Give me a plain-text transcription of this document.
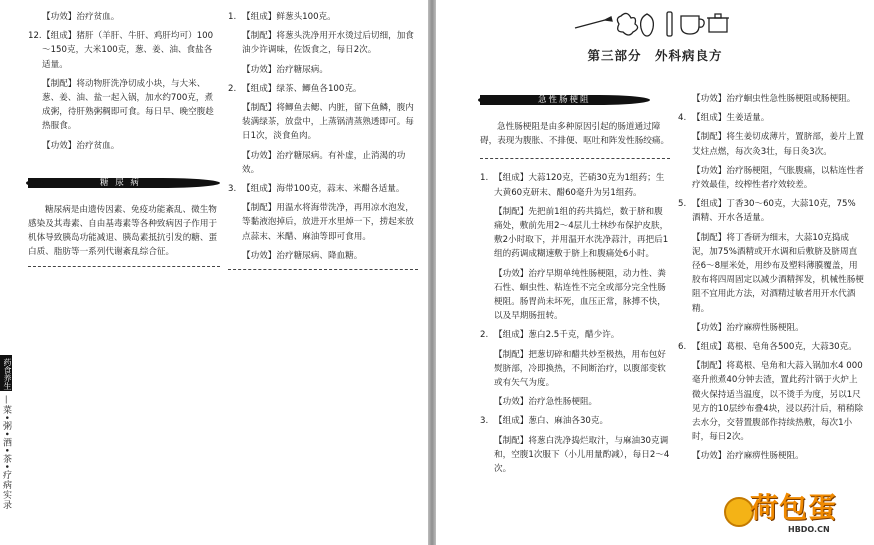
【功效】治疗贫血。

12. 【组成】猪肝（羊肝、牛肝、鸡肝均可）100～150克，大米100克，葱、姜、油、食盐各适量。

【制配】将动物肝洗净切成小块，与大米、葱、姜、油、盐一起入锅，加水约700克，煮成粥，待肝熟粥稠即可食。每日早、晚空腹趁热服食。

【功效】治疗贫血。

糖 尿 病

糖尿病是由遗传因素、免疫功能紊乱、微生物感染及其毒素、自由基毒素等各种致病因子作用于机体导致胰岛功能减退、胰岛素抵抗引发的糖、蛋白质、脂肪等一系列代谢紊乱综合征。

1. 【组成】鲜葱头100克。

【制配】将葱头洗净用开水烫过后切细，加食油少许调味，佐饭食之，每日2次。

【功效】治疗糖尿病。

2. 【组成】绿茶、鲫鱼各100克。

【制配】将鲫鱼去鳃、内脏，留下鱼鳞，腹内装满绿茶，放盘中，上蒸锅清蒸熟透即可。每日1次，淡食鱼肉。

【功效】治疗糖尿病。有补虚，止消渴的功效。

3. 【组成】海带100克，蒜末、米醋各适量。

【制配】用温水将海带洗净，再用凉水泡发，等黏液泡掉后，放进开水里焯一下，捞起来放点蒜末、米醋、麻油等即可食用。

【功效】治疗糖尿病、降血糖。

药食养生
—菜•粥•酒•茶•疗病实录
第三部分　外科病良方
急性肠梗阻

急性肠梗阻是由多种原因引起的肠道通过障碍，表现为腹胀、不排便、呕吐和阵发性肠绞痛。

1. 【组成】大蒜120克，芒硝30克为1组药；生大黄60克研末、醋60毫升为另1组药。

【制配】先把前1组的药共捣烂，数于脐和腹痛处，敷前先用2～4层儿士林纱布保护皮肤，敷2小时取下，并用温开水洗净蒜汁，再把后1组的药调成糊速敷于脐上和腹痛处6小时。

【功效】治疗早期单纯性肠梗阻，动力性、粪石性、蛔虫性、粘连性不完全或部分完全性肠梗阻。肠胃尚未坏死，血压正常，脉搏不快，以及早期肠扭转。

2. 【组成】葱白2.5千克，醋少许。

【制配】把葱切碎和醋共炒至极热，用布包好熨脐部，冷即换热，不间断治疗，以腹部变软或有矢气为度。

【功效】治疗急性肠梗阻。

3. 【组成】葱白、麻油各30克。

【制配】将葱白洗净捣烂取汁，与麻油30克调和，空腹1次服下（小儿用量酌减），每日2～4次。

【功效】治疗蛔虫性急性肠梗阻或肠梗阻。

4. 【组成】生姜适量。

【制配】将生姜切成薄片，置脐部，姜片上置艾炷点燃，每次灸3壮，每日灸3次。

【功效】治疗肠梗阻，气胀腹痛，以粘连性者疗效最佳，绞榨性者疗效较差。

5. 【组成】丁香30～60克，大蒜10克，75%酒精、开水各适量。

【制配】将丁香研为细末，大蒜10克捣成泥，加75%酒精或开水调和后敷脐及脐周直径6～8厘米处，用纱布及塑料薄膜覆盖，用胶布将四周固定以减少酒精挥发，机械性肠梗阻不宜用此方法，对酒精过敏者用开水代酒精。

【功效】治疗麻痹性肠梗阻。

6. 【组成】葛根、皂角各500克，大蒜30克。

【制配】将葛根、皂角和大蒜入锅加水4 000毫升煎煮40分钟去渣，置此药汁锅于火炉上微火保持适当温度，以不烫手为度，另以1尺见方的10层纱布叠4块，浸以药汁后，稍稍除去水分，交替置腹部作持续热敷，每次1小时，每日2次。

【功效】治疗麻痹性肠梗阻。

荷包蛋
HBDO.CN
